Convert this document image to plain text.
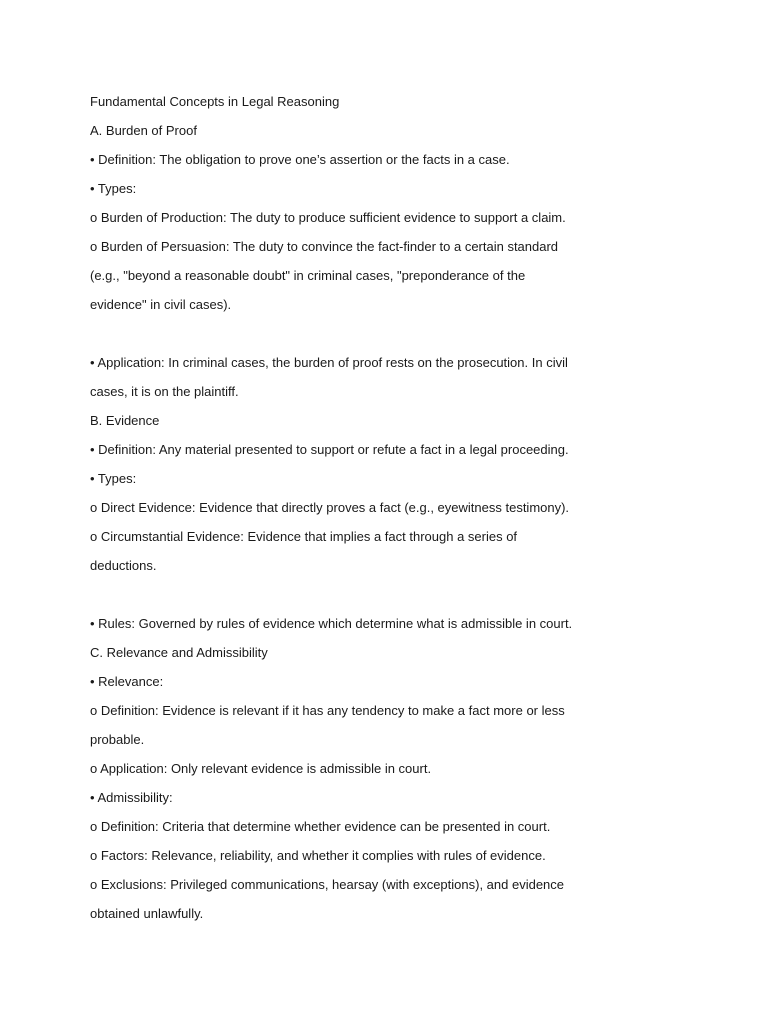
Fundamental Concepts in Legal Reasoning
A. Burden of Proof
• Definition: The obligation to prove one’s assertion or the facts in a case.
• Types:
o Burden of Production: The duty to produce sufficient evidence to support a claim.
o Burden of Persuasion: The duty to convince the fact-finder to a certain standard
(e.g., "beyond a reasonable doubt" in criminal cases, "preponderance of the
evidence" in civil cases).
• Application: In criminal cases, the burden of proof rests on the prosecution. In civil
cases, it is on the plaintiff.
B. Evidence
• Definition: Any material presented to support or refute a fact in a legal proceeding.
• Types:
o Direct Evidence: Evidence that directly proves a fact (e.g., eyewitness testimony).
o Circumstantial Evidence: Evidence that implies a fact through a series of
deductions.
• Rules: Governed by rules of evidence which determine what is admissible in court.
C. Relevance and Admissibility
• Relevance:
o Definition: Evidence is relevant if it has any tendency to make a fact more or less
probable.
o Application: Only relevant evidence is admissible in court.
• Admissibility:
o Definition: Criteria that determine whether evidence can be presented in court.
o Factors: Relevance, reliability, and whether it complies with rules of evidence.
o Exclusions: Privileged communications, hearsay (with exceptions), and evidence
obtained unlawfully.
